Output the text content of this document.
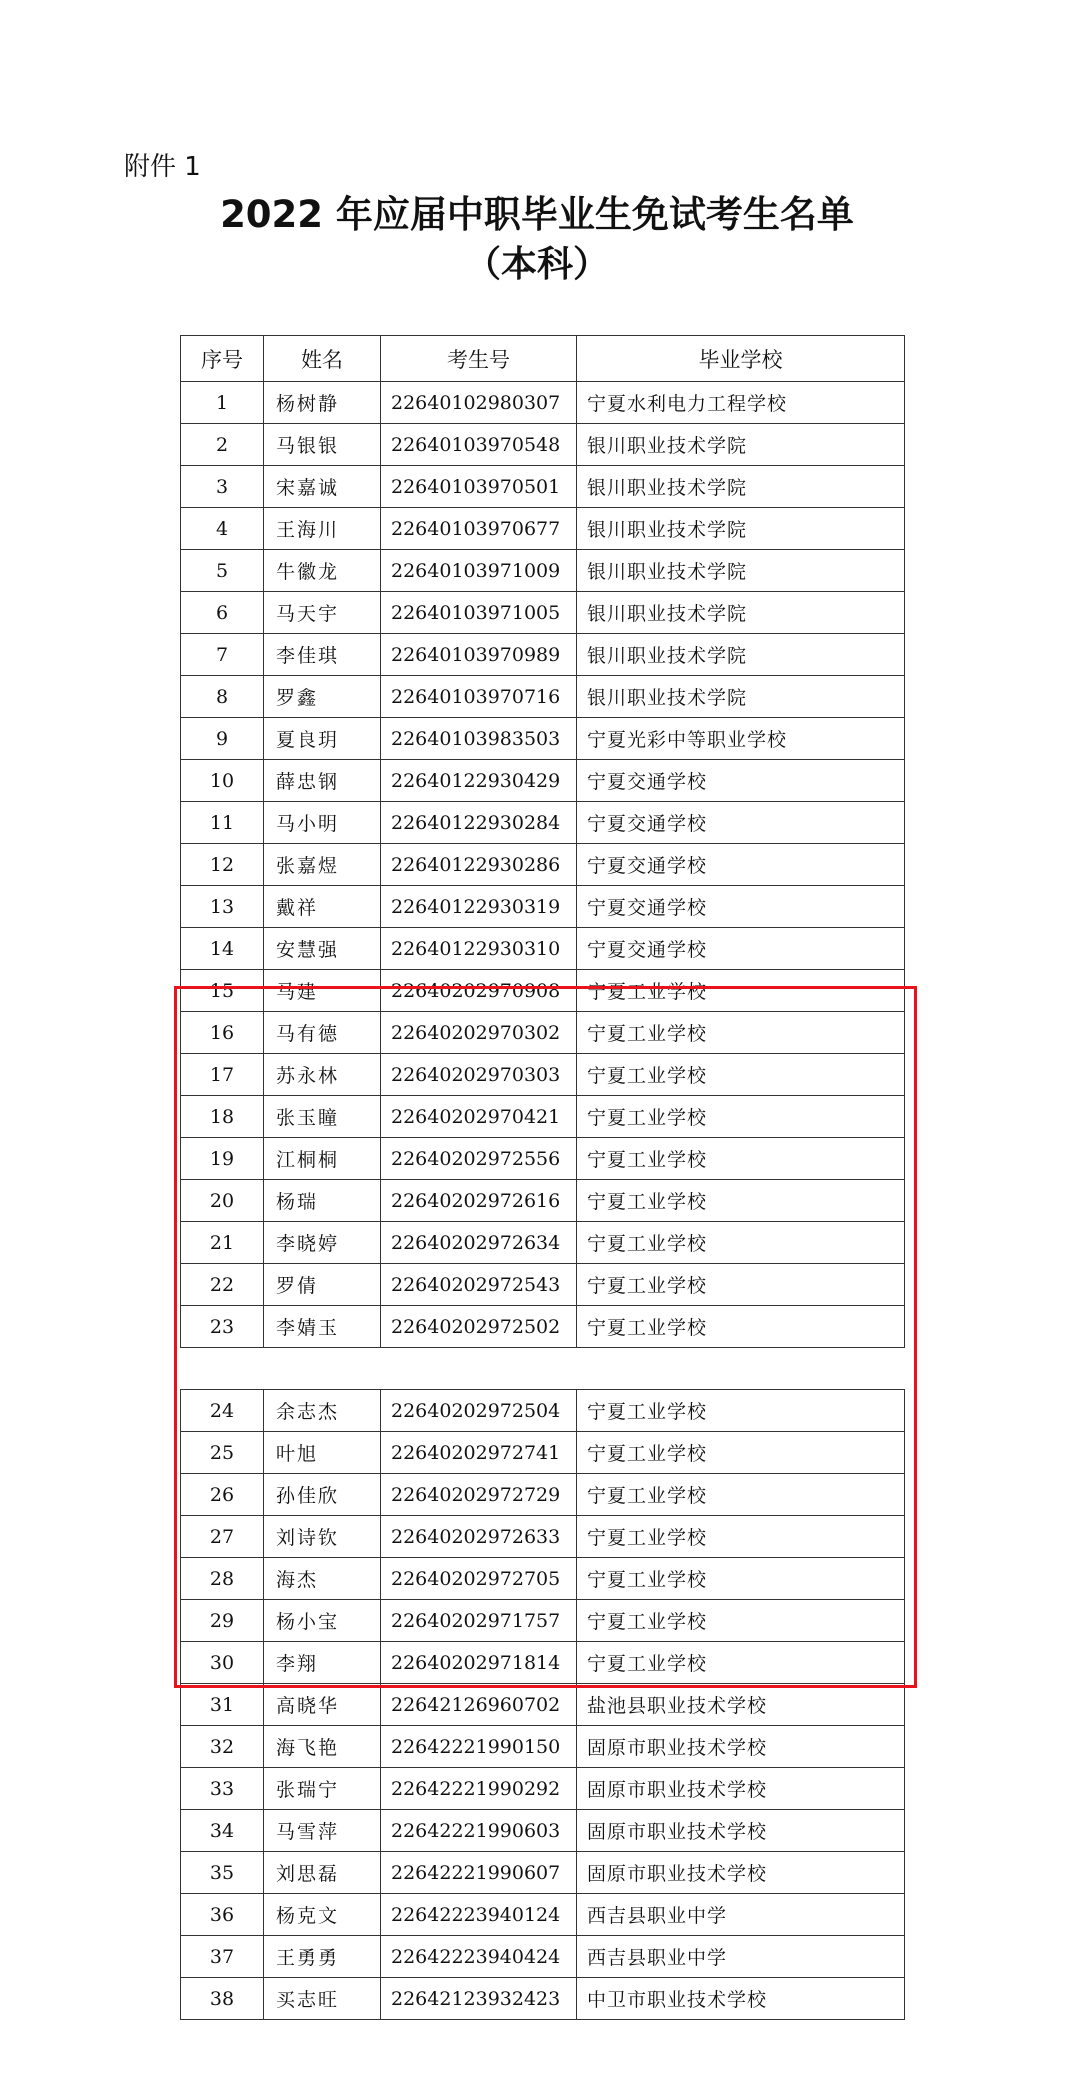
附件 1
2022 年应届中职毕业生免试考生名单
（本科）
序号	姓名	考生号	毕业学校
1	杨树静	22640102980307	宁夏水利电力工程学校
2	马银银	22640103970548	银川职业技术学院
3	宋嘉诚	22640103970501	银川职业技术学院
4	王海川	22640103970677	银川职业技术学院
5	牛徽龙	22640103971009	银川职业技术学院
6	马天宇	22640103971005	银川职业技术学院
7	李佳琪	22640103970989	银川职业技术学院
8	罗鑫	22640103970716	银川职业技术学院
9	夏良玥	22640103983503	宁夏光彩中等职业学校
10	薛忠钢	22640122930429	宁夏交通学校
11	马小明	22640122930284	宁夏交通学校
12	张嘉煜	22640122930286	宁夏交通学校
13	戴祥	22640122930319	宁夏交通学校
14	安慧强	22640122930310	宁夏交通学校
15	马建	22640202970908	宁夏工业学校
16	马有德	22640202970302	宁夏工业学校
17	苏永林	22640202970303	宁夏工业学校
18	张玉瞳	22640202970421	宁夏工业学校
19	江桐桐	22640202972556	宁夏工业学校
20	杨瑞	22640202972616	宁夏工业学校
21	李晓婷	22640202972634	宁夏工业学校
22	罗倩	22640202972543	宁夏工业学校
23	李婧玉	22640202972502	宁夏工业学校
24	余志杰	22640202972504	宁夏工业学校
25	叶旭	22640202972741	宁夏工业学校
26	孙佳欣	22640202972729	宁夏工业学校
27	刘诗钦	22640202972633	宁夏工业学校
28	海杰	22640202972705	宁夏工业学校
29	杨小宝	22640202971757	宁夏工业学校
30	李翔	22640202971814	宁夏工业学校
31	高晓华	22642126960702	盐池县职业技术学校
32	海飞艳	22642221990150	固原市职业技术学校
33	张瑞宁	22642221990292	固原市职业技术学校
34	马雪萍	22642221990603	固原市职业技术学校
35	刘思磊	22642221990607	固原市职业技术学校
36	杨克文	22642223940124	西吉县职业中学
37	王勇勇	22642223940424	西吉县职业中学
38	买志旺	22642123932423	中卫市职业技术学校
